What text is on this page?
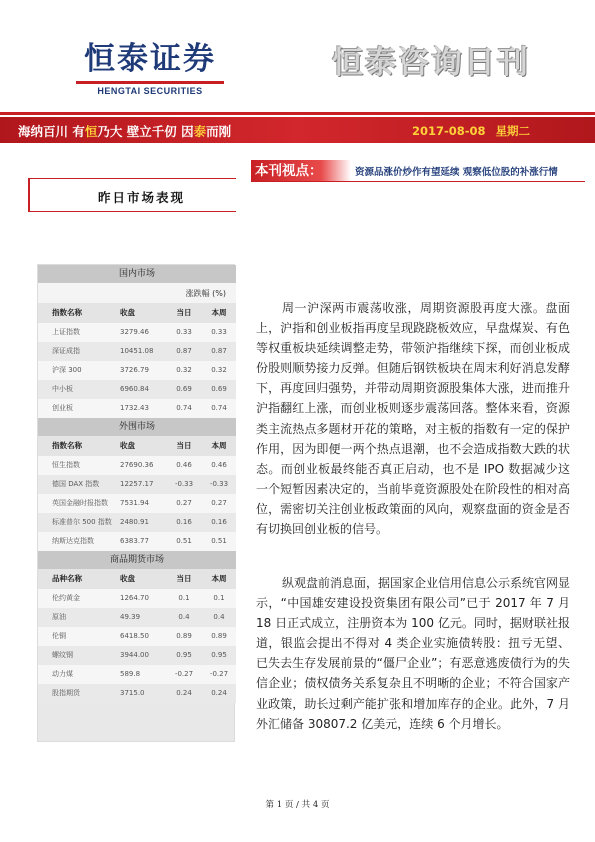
恒泰证券
HENGTAI SECURITIES
恒泰咨询日刊
海纳百川 有恒乃大 壁立千仞 因泰而刚	2017-08-08 星期二
本刊视点：	资源品涨价炒作有望延续 观察低位股的补涨行情
昨日市场表现
国内市场
涨跌幅 (%)
指数名称	收盘	当日	本周
上证指数	3279.46	0.33	0.33
深证成指	10451.08	0.87	0.87
沪深 300	3726.79	0.32	0.32
中小板	6960.84	0.69	0.69
创业板	1732.43	0.74	0.74
外围市场
指数名称	收盘	当日	本周
恒生指数	27690.36	0.46	0.46
德国 DAX 指数	12257.17	-0.33	-0.33
英国金融时报指数	7531.94	0.27	0.27
标准普尔 500 指数	2480.91	0.16	0.16
纳斯达克指数	6383.77	0.51	0.51
商品期货市场
品种名称	收盘	当日	本周
伦约黄金	1264.70	0.1	0.1
原油	49.39	0.4	0.4
伦铜	6418.50	0.89	0.89
螺纹钢	3944.00	0.95	0.95
动力煤	589.8	-0.27	-0.27
股指期货	3715.0	0.24	0.24

周一沪深两市震荡收涨，周期资源股再度大涨。盘面上，沪指和创业板指再度呈现跷跷板效应，早盘煤炭、有色等权重板块延续调整走势，带领沪指继续下探，而创业板成份股则顺势接力反弹。但随后钢铁板块在周末利好消息发酵下，再度回归强势，并带动周期资源股集体大涨，进而推升沪指翻红上涨，而创业板则逐步震荡回落。整体来看，资源类主流热点多题材开花的策略，对主板的指数有一定的保护作用，因为即便一两个热点退潮，也不会造成指数大跌的状态。而创业板最终能否真正启动，也不是 IPO 数据减少这一个短暂因素决定的，当前毕竟资源股处在阶段性的相对高位，需密切关注创业板政策面的风向，观察盘面的资金是否有切换回创业板的信号。

纵观盘前消息面，据国家企业信用信息公示系统官网显示，“中国雄安建设投资集团有限公司”已于 2017 年 7 月 18 日正式成立，注册资本为 100 亿元。同时，据财联社报道，银监会提出不得对 4 类企业实施债转股：扭亏无望、已失去生存发展前景的“僵尸企业”；有恶意逃废债行为的失信企业；债权债务关系复杂且不明晰的企业；不符合国家产业政策，助长过剩产能扩张和增加库存的企业。此外，7 月外汇储备 30807.2 亿美元，连续 6 个月增长。

第 1 页 / 共 4 页
